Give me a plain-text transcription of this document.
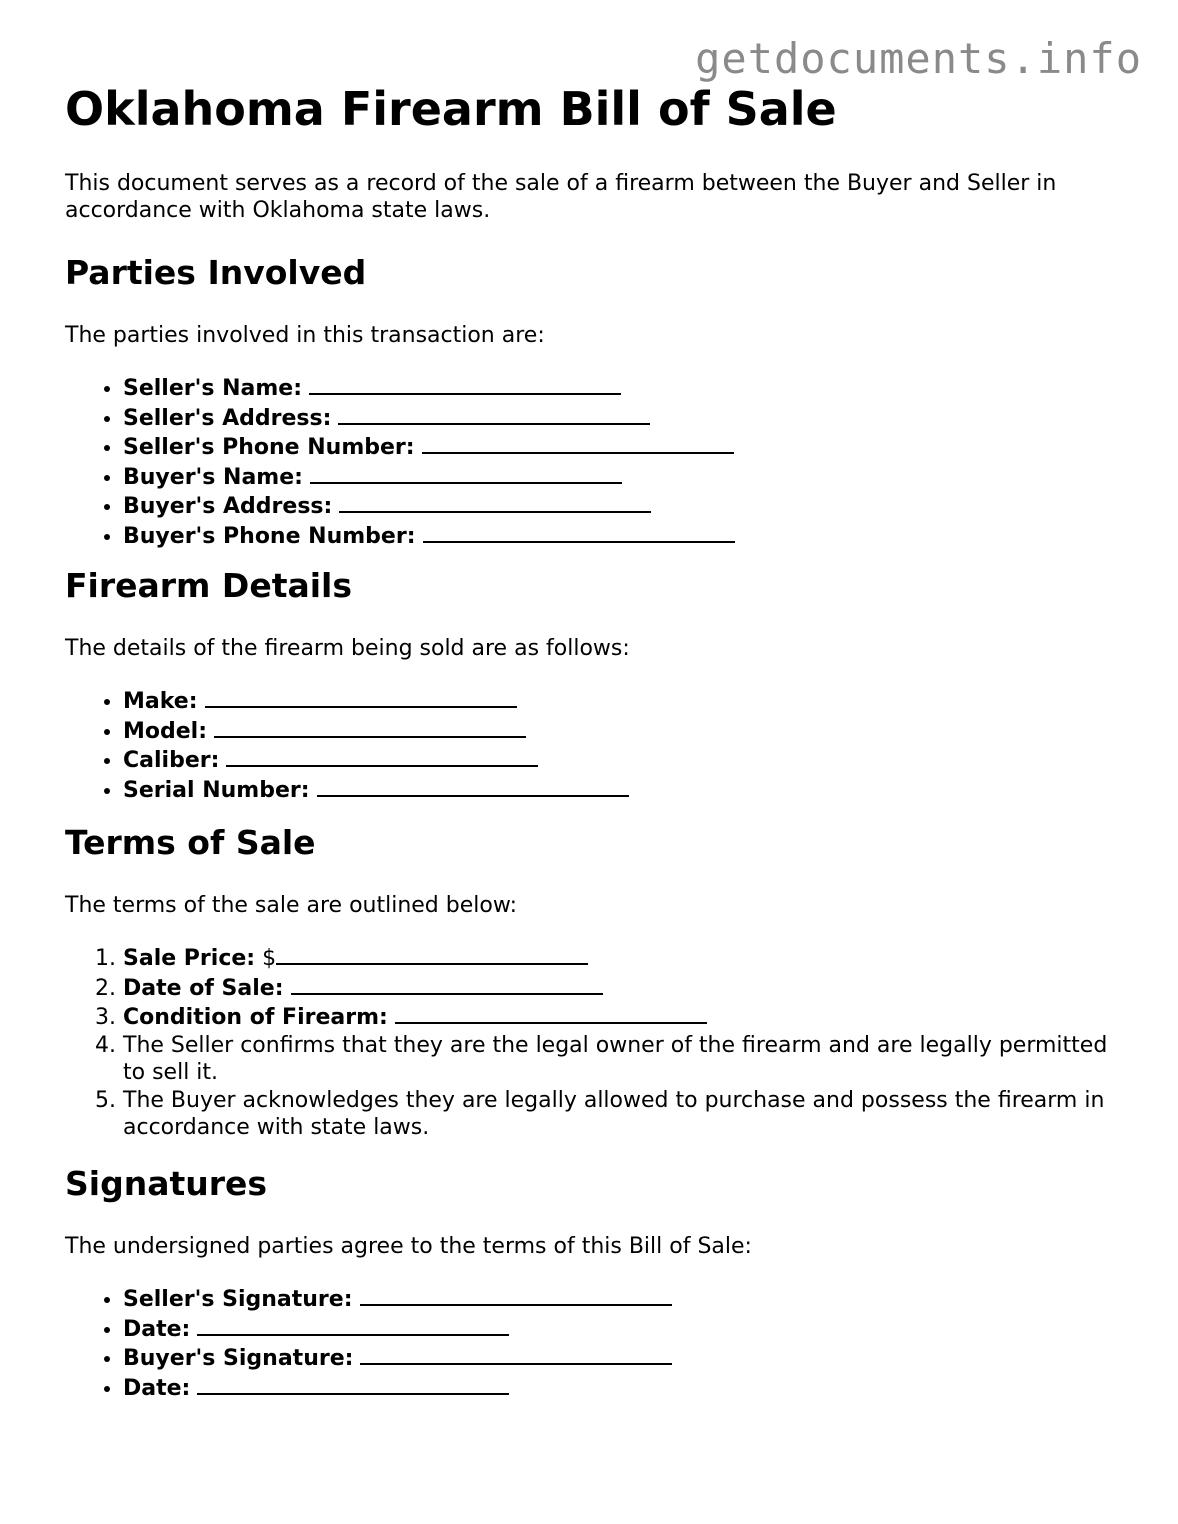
getdocuments.info
Oklahoma Firearm Bill of Sale

This document serves as a record of the sale of a firearm between the Buyer and Seller in accordance with Oklahoma state laws.

Parties Involved

The parties involved in this transaction are:

• Seller's Name:
• Seller's Address:
• Seller's Phone Number:
• Buyer's Name:
• Buyer's Address:
• Buyer's Phone Number:
Firearm Details

The details of the firearm being sold are as follows:

• Make:
• Model:
• Caliber:
• Serial Number:
Terms of Sale

The terms of the sale are outlined below:

1. Sale Price: $
2. Date of Sale:
3. Condition of Firearm:
4. The Seller confirms that they are the legal owner of the firearm and are legally permitted to sell it.
5. The Buyer acknowledges they are legally allowed to purchase and possess the firearm in accordance with state laws.
Signatures

The undersigned parties agree to the terms of this Bill of Sale:

• Seller's Signature:
• Date:
• Buyer's Signature:
• Date:
